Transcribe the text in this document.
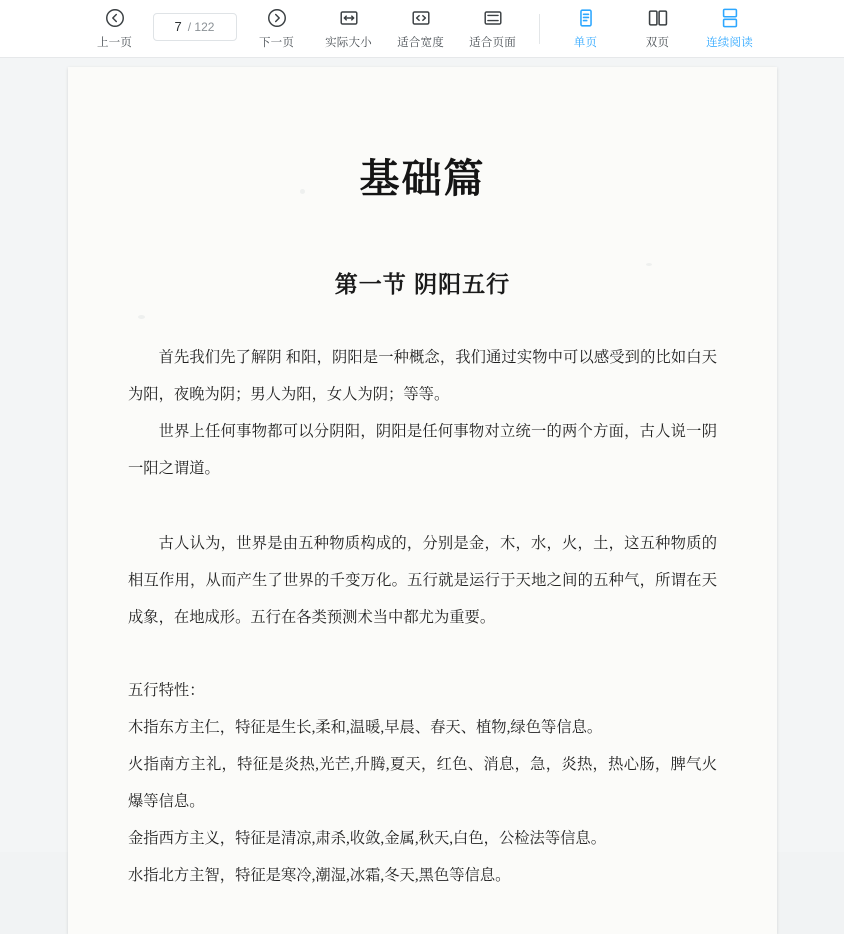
上一页
7 / 122
下一页	实际大小 适合宽度 适合页面	单页	双页	连续阅读
基础篇
第一节 阴阳五行

首先我们先了解阴 和阳，阴阳是一种概念，我们通过实物中可以感受到的比如白天为阳，夜晚为阴；男人为阳，女人为阴；等等。

世界上任何事物都可以分阴阳，阴阳是任何事物对立统一的两个方面，古人说一阴一阳之谓道。

古人认为，世界是由五种物质构成的，分别是金，木，水，火，土，这五种物质的相互作用，从而产生了世界的千变万化。五行就是运行于天地之间的五种气，所谓在天成象，在地成形。五行在各类预测术当中都尤为重要。

五行特性：

木指东方主仁，特征是生长,柔和,温暖,早晨、春天、植物,绿色等信息。

火指南方主礼，特征是炎热,光芒,升腾,夏天，红色、消息，急，炎热，热心肠，脾气火爆等信息。

金指西方主义，特征是清凉,肃杀,收敛,金属,秋天,白色，公检法等信息。

水指北方主智，特征是寒冷,潮湿,冰霜,冬天,黑色等信息。
